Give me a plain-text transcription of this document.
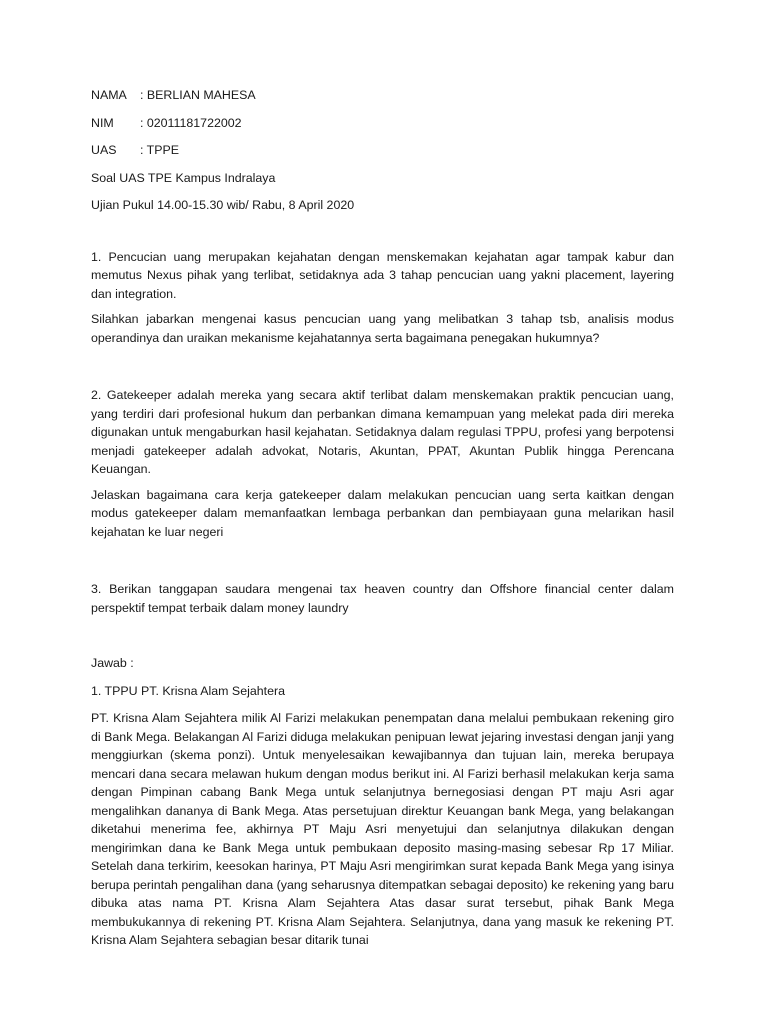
NAMA	: BERLIAN MAHESA
NIM	: 02011181722002
UAS	: TPPE
Soal UAS TPE Kampus Indralaya
Ujian Pukul 14.00-15.30 wib/ Rabu, 8 April 2020

1. Pencucian uang merupakan kejahatan dengan menskemakan kejahatan agar tampak kabur dan memutus Nexus pihak yang terlibat, setidaknya ada 3 tahap pencucian uang yakni placement, layering dan integration.

Silahkan jabarkan mengenai kasus pencucian uang yang melibatkan 3 tahap tsb, analisis modus operandinya dan uraikan mekanisme kejahatannya serta bagaimana penegakan hukumnya?

2. Gatekeeper adalah mereka yang secara aktif terlibat dalam menskemakan praktik pencucian uang, yang terdiri dari profesional hukum dan perbankan dimana kemampuan yang melekat pada diri mereka digunakan untuk mengaburkan hasil kejahatan. Setidaknya dalam regulasi TPPU, profesi yang berpotensi menjadi gatekeeper adalah advokat, Notaris, Akuntan, PPAT, Akuntan Publik hingga Perencana Keuangan.

Jelaskan bagaimana cara kerja gatekeeper dalam melakukan pencucian uang serta kaitkan dengan modus gatekeeper dalam memanfaatkan lembaga perbankan dan pembiayaan guna melarikan hasil kejahatan ke luar negeri

3. Berikan tanggapan saudara mengenai tax heaven country dan Offshore financial center dalam perspektif tempat terbaik dalam money laundry

Jawab :
1. TPPU PT. Krisna Alam Sejahtera

PT. Krisna Alam Sejahtera milik Al Farizi melakukan penempatan dana melalui pembukaan rekening giro di Bank Mega. Belakangan Al Farizi diduga melakukan penipuan lewat jejaring investasi dengan janji yang menggiurkan (skema ponzi). Untuk menyelesaikan kewajibannya dan tujuan lain, mereka berupaya mencari dana secara melawan hukum dengan modus berikut ini. Al Farizi berhasil melakukan kerja sama dengan Pimpinan cabang Bank Mega untuk selanjutnya bernegosiasi dengan PT maju Asri agar mengalihkan dananya di Bank Mega. Atas persetujuan direktur Keuangan bank Mega, yang belakangan diketahui menerima fee, akhirnya PT Maju Asri menyetujui dan selanjutnya dilakukan dengan mengirimkan dana ke Bank Mega untuk pembukaan deposito masing-masing sebesar Rp 17 Miliar. Setelah dana terkirim, keesokan harinya, PT Maju Asri mengirimkan surat kepada Bank Mega yang isinya berupa perintah pengalihan dana (yang seharusnya ditempatkan sebagai deposito) ke rekening yang baru dibuka atas nama PT. Krisna Alam Sejahtera Atas dasar surat tersebut, pihak Bank Mega membukukannya di rekening PT. Krisna Alam Sejahtera. Selanjutnya, dana yang masuk ke rekening PT. Krisna Alam Sejahtera sebagian besar ditarik tunai
